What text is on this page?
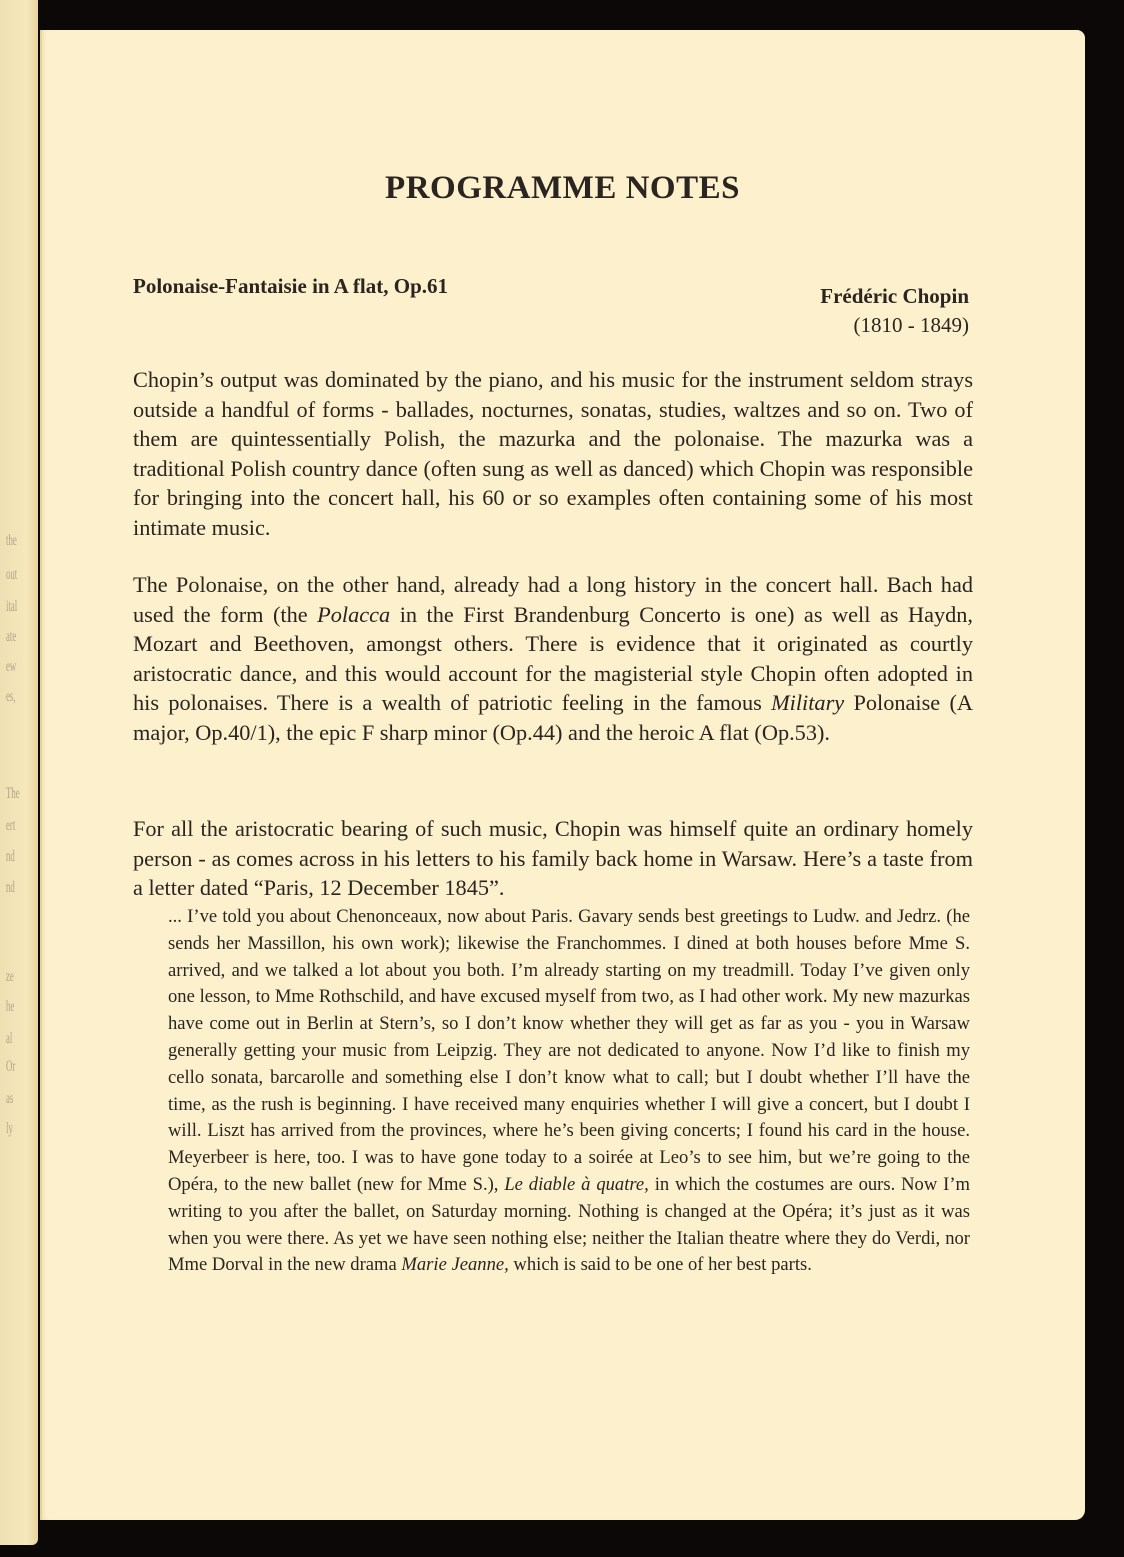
the
out
ital
ate
ew
es,
The
ert
nd
nd
ze
he
al
Or
as
ly
PROGRAMME NOTES
Polonaise-Fantaisie in A flat, Op.61	Frédéric Chopin
(1810 - 1849)

Chopin’s output was dominated by the piano, and his music for the instrument seldom strays outside a handful of forms - ballades, nocturnes, sonatas, studies, waltzes and so on. Two of them are quintessentially Polish, the mazurka and the polonaise. The mazurka was a traditional Polish country dance (often sung as well as danced) which Chopin was responsible for bringing into the concert hall, his 60 or so examples often containing some of his most intimate music.

The Polonaise, on the other hand, already had a long history in the concert hall. Bach had used the form (the Polacca in the First Brandenburg Concerto is one) as well as Haydn, Mozart and Beethoven, amongst others. There is evidence that it originated as courtly aristocratic dance, and this would account for the magisterial style Chopin often adopted in his polonaises. There is a wealth of patriotic feeling in the famous Military Polonaise (A major, Op.40/1), the epic F sharp minor (Op.44) and the heroic A flat (Op.53).

For all the aristocratic bearing of such music, Chopin was himself quite an ordinary homely person - as comes across in his letters to his family back home in Warsaw. Here’s a taste from a letter dated “Paris, 12 December 1845”.

... I’ve told you about Chenonceaux, now about Paris. Gavary sends best greetings to Ludw. and Jedrz. (he sends her Massillon, his own work); likewise the Franchommes. I dined at both houses before Mme S. arrived, and we talked a lot about you both. I’m already starting on my treadmill. Today I’ve given only one lesson, to Mme Rothschild, and have excused myself from two, as I had other work. My new mazurkas have come out in Berlin at Stern’s, so I don’t know whether they will get as far as you - you in Warsaw generally getting your music from Leipzig. They are not dedicated to anyone. Now I’d like to finish my cello sonata, barcarolle and something else I don’t know what to call; but I doubt whether I’ll have the time, as the rush is beginning. I have received many enquiries whether I will give a concert, but I doubt I will. Liszt has arrived from the provinces, where he’s been giving concerts; I found his card in the house. Meyerbeer is here, too. I was to have gone today to a soirée at Leo’s to see him, but we’re going to the Opéra, to the new ballet (new for Mme S.), Le diable à quatre, in which the costumes are ours. Now I’m writing to you after the ballet, on Saturday morning. Nothing is changed at the Opéra; it’s just as it was when you were there. As yet we have seen nothing else; neither the Italian theatre where they do Verdi, nor Mme Dorval in the new drama Marie Jeanne, which is said to be one of her best parts.
